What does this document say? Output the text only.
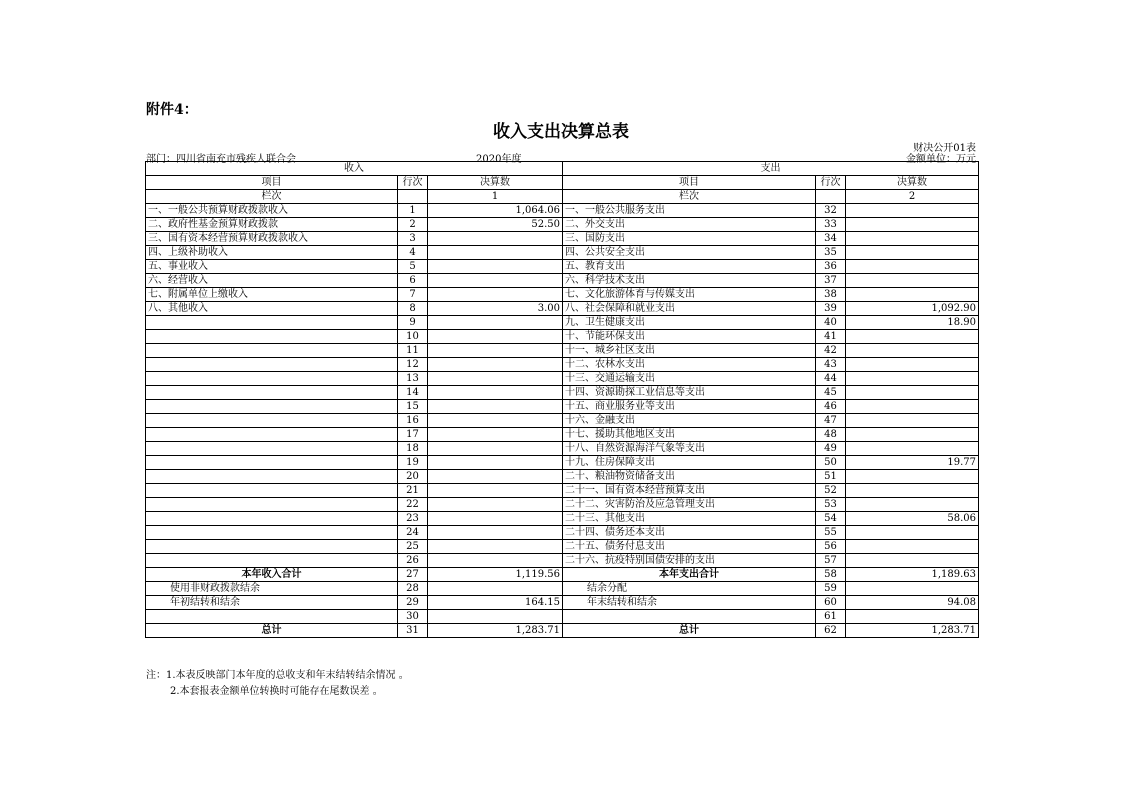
附件4：
收入支出决算总表
财决公开01表
部门：四川省南充市残疾人联合会	2020年度	金额单位：万元
收入			支出		
项目	行次	决算数	项目	行次	决算数
栏次		1	栏次		2
一、一般公共预算财政拨款收入	1	1,064.06	一、一般公共服务支出	32	
二、政府性基金预算财政拨款	2	52.50	二、外交支出	33	
三、国有资本经营预算财政拨款收入	3		三、国防支出	34	
四、上级补助收入	4		四、公共安全支出	35	
五、事业收入	5		五、教育支出	36	
六、经营收入	6		六、科学技术支出	37	
七、附属单位上缴收入	7		七、文化旅游体育与传媒支出	38	
八、其他收入	8	3.00	八、社会保障和就业支出	39	1,092.90
	9		九、卫生健康支出	40	18.90
	10		十、节能环保支出	41	
	11		十一、城乡社区支出	42	
	12		十二、农林水支出	43	
	13		十三、交通运输支出	44	
	14		十四、资源勘探工业信息等支出	45	
	15		十五、商业服务业等支出	46	
	16		十六、金融支出	47	
	17		十七、援助其他地区支出	48	
	18		十八、自然资源海洋气象等支出	49	
	19		十九、住房保障支出	50	19.77
	20		二十、粮油物资储备支出	51	
	21		二十一、国有资本经营预算支出	52	
	22		二十二、灾害防治及应急管理支出	53	
	23		二十三、其他支出	54	58.06
	24		二十四、债务还本支出	55	
	25		二十五、债务付息支出	56	
	26		二十六、抗疫特别国债安排的支出	57	
本年收入合计	27	1,119.56	本年支出合计	58	1,189.63
使用非财政拨款结余	28		结余分配	59	
年初结转和结余	29	164.15	年末结转和结余	60	94.08
	30			61	
总计	31	1,283.71	总计	62	1,283.71
注：1.本表反映部门本年度的总收支和年末结转结余情况 。
2.本套报表金额单位转换时可能存在尾数误差 。
